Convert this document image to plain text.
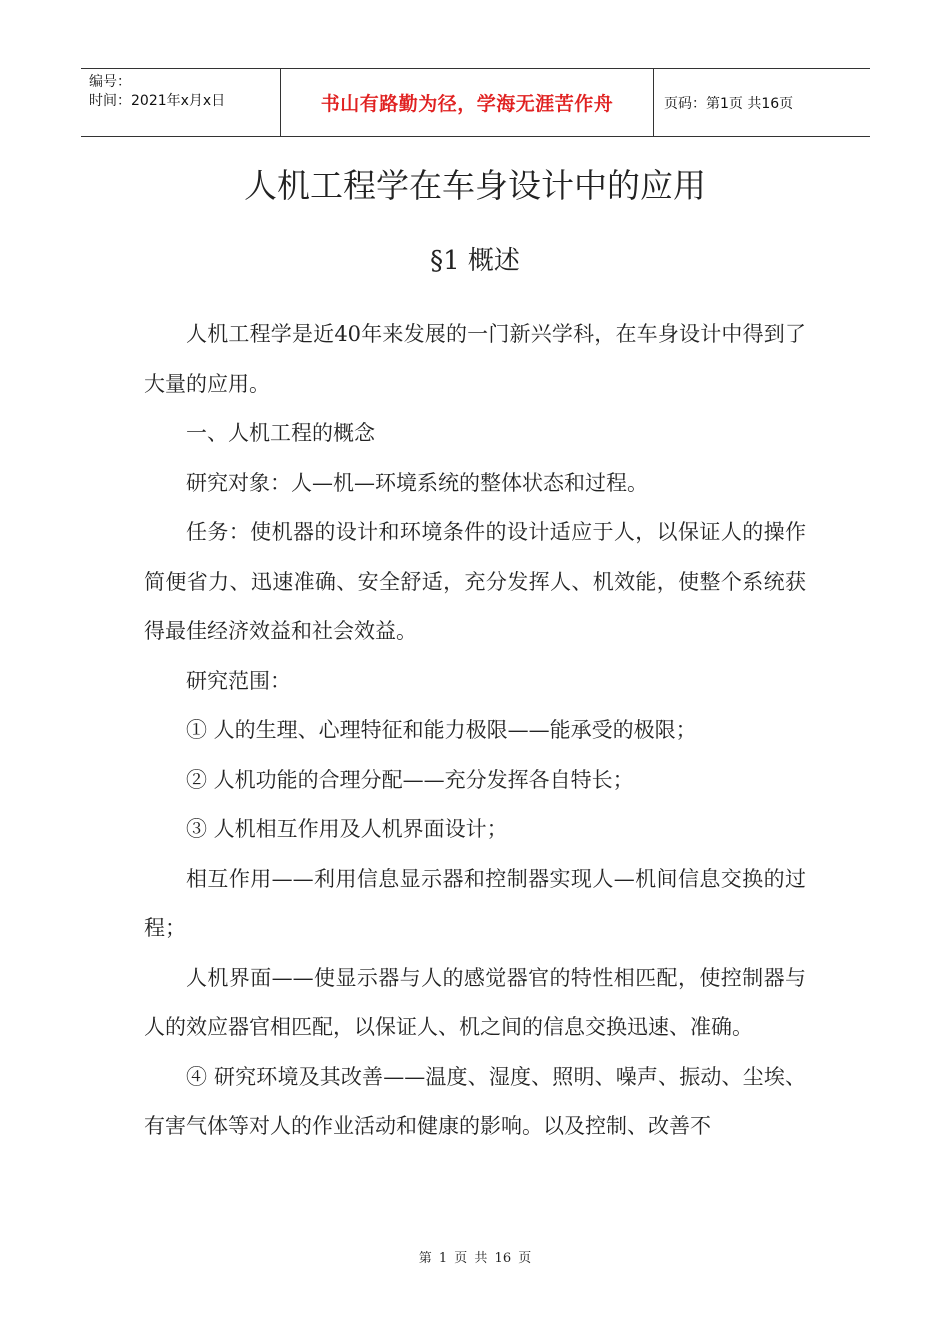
编号：
时间：2021年x月x日	书山有路勤为径，学海无涯苦作舟	页码：第1页 共16页
人机工程学在车身设计中的应用
§1 概述

人机工程学是近40年来发展的一门新兴学科，在车身设计中得到了大量的应用。

一、人机工程的概念

研究对象：人—机—环境系统的整体状态和过程。

任务：使机器的设计和环境条件的设计适应于人，以保证人的操作简便省力、迅速准确、安全舒适，充分发挥人、机效能，使整个系统获得最佳经济效益和社会效益。

研究范围：

① 人的生理、心理特征和能力极限——能承受的极限；

② 人机功能的合理分配——充分发挥各自特长；

③ 人机相互作用及人机界面设计；

相互作用——利用信息显示器和控制器实现人—机间信息交换的过程；

人机界面——使显示器与人的感觉器官的特性相匹配，使控制器与人的效应器官相匹配，以保证人、机之间的信息交换迅速、准确。

④ 研究环境及其改善——温度、湿度、照明、噪声、振动、尘埃、有害气体等对人的作业活动和健康的影响。以及控制、改善不

第 1 页 共 16 页
